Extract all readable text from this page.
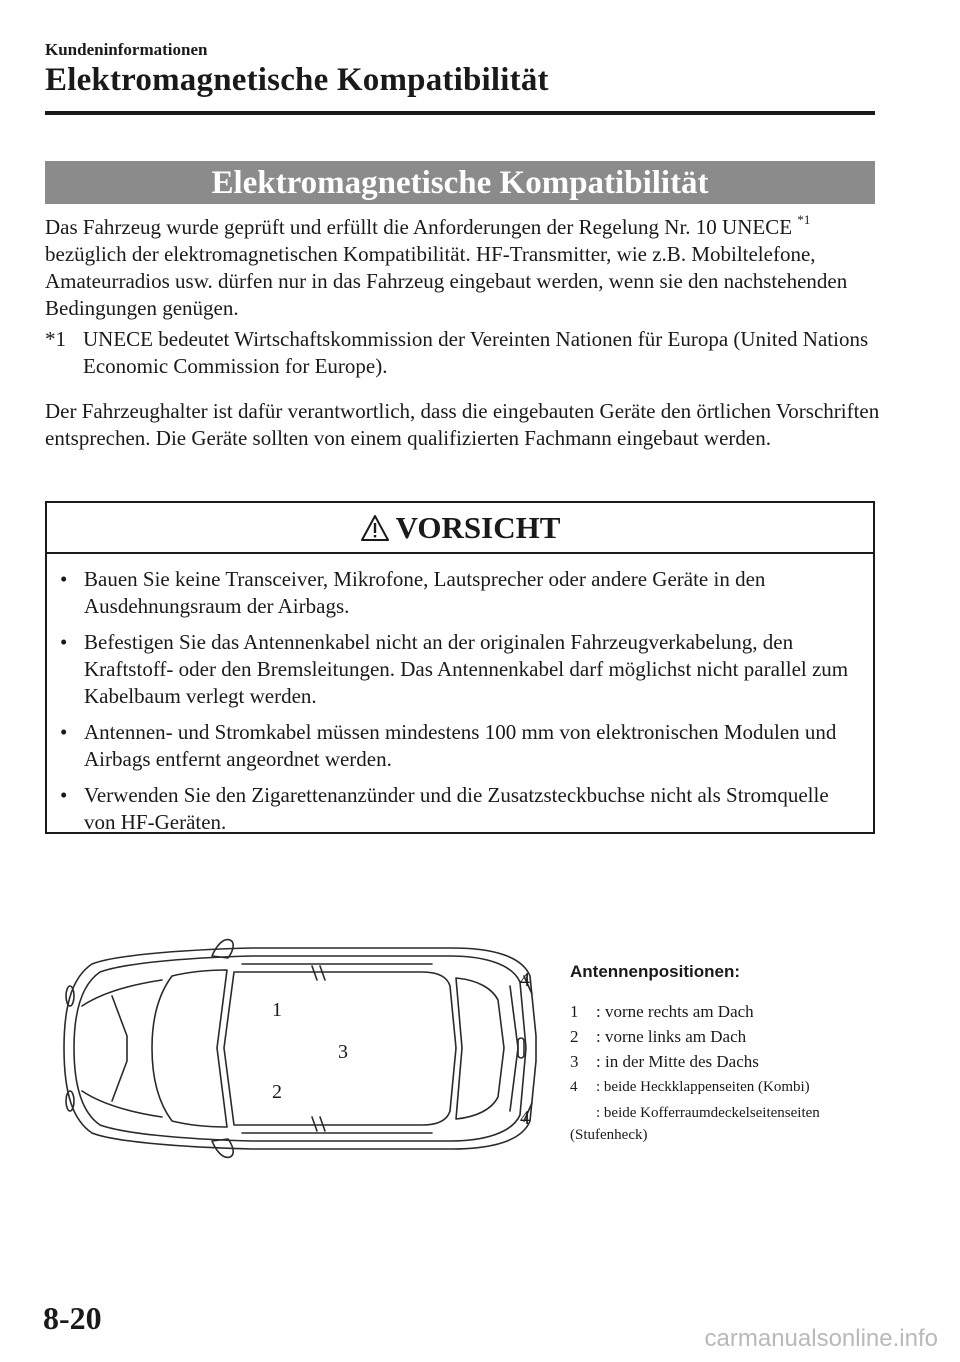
Kundeninformationen
Elektromagnetische Kompatibilität
Elektromagnetische Kompatibilität
Das Fahrzeug wurde geprüft und erfüllt die Anforderungen der Regelung Nr. 10 UNECE $^{*1}$
bezüglich der elektromagnetischen Kompatibilität. HF-Transmitter, wie z.B. Mobiltelefone, Amateurradios usw. dürfen nur in das Fahrzeug eingebaut werden, wenn sie den nachstehenden Bedingungen genügen.
*1 UNECE bedeutet Wirtschaftskommission der Vereinten Nationen für Europa (United Nations Economic Commission for Europe).
Der Fahrzeughalter ist dafür verantwortlich, dass die eingebauten Geräte den örtlichen Vorschriften entsprechen. Die Geräte sollten von einem qualifizierten Fachmann eingebaut werden.
VORSICHT
• Bauen Sie keine Transceiver, Mikrofone, Lautsprecher oder andere Geräte in den Ausdehnungsraum der Airbags.
• Befestigen Sie das Antennenkabel nicht an der originalen Fahrzeugverkabelung, den Kraftstoff- oder den Bremsleitungen. Das Antennenkabel darf möglichst nicht parallel zum Kabelbaum verlegt werden.
• Antennen- und Stromkabel müssen mindestens 100 mm von elektronischen Modulen und Airbags entfernt angeordnet werden.
• Verwenden Sie den Zigarettenanzünder und die Zusatzsteckbuchse nicht als Stromquelle von HF-Geräten.
1
2
3
4
4
Antennenpositionen:
1 : vorne rechts am Dach
2 : vorne links am Dach
3 : in der Mitte des Dachs
4 : beide Heckklappenseiten (Kombi)
: beide Kofferraumdeckelseitenseiten
(Stufenheck)
8-20
carmanualsonline.info
